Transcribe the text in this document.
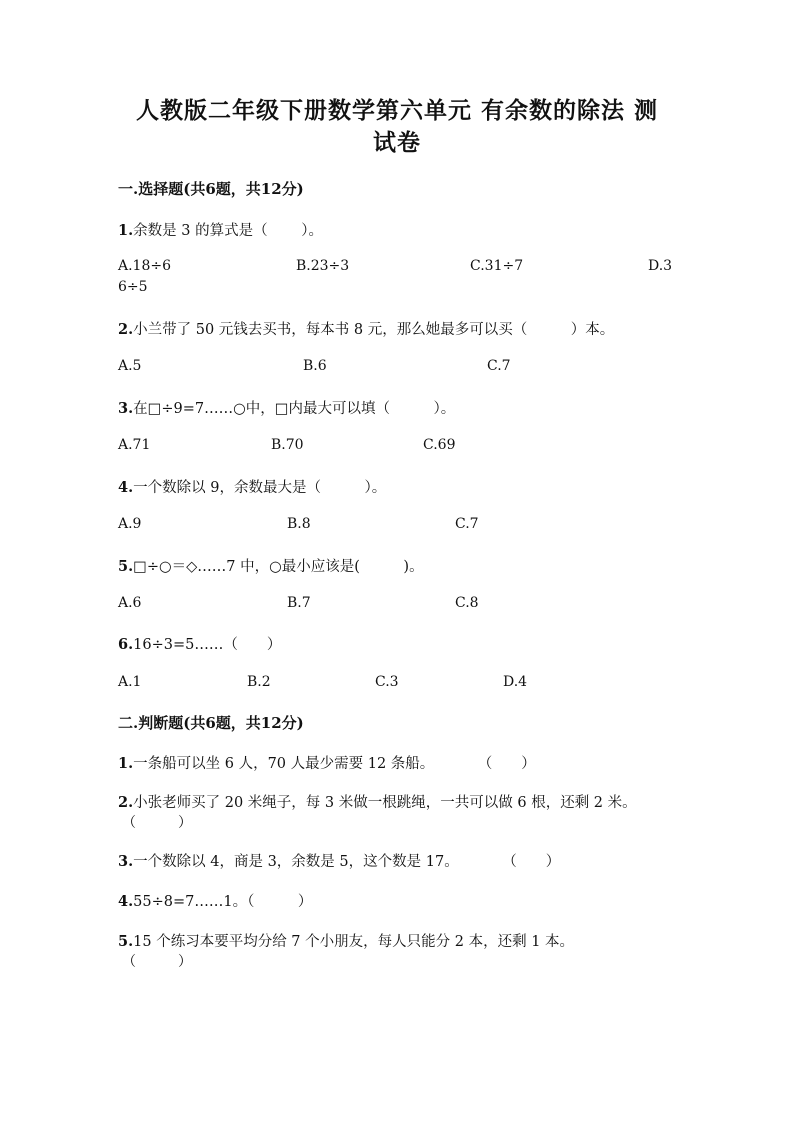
人教版二年级下册数学第六单元 有余数的除法 测
试卷
一.选择题(共6题，共12分)
1.余数是 3 的算式是（　　 ）。
A.18÷6	B.23÷3	C.31÷7	D.3
6÷5
2.小兰带了 50 元钱去买书，每本书 8 元，那么她最多可以买（　　　）本。
A.5	B.6	C.7
3.在□÷9=7……○中，□内最大可以填（　　　）。
A.71	B.70	C.69
4.一个数除以 9，余数最大是（　　　）。
A.9	B.8	C.7
5.□÷○＝◇……7 中，○最小应该是(　　　)。
A.6	B.7	C.8
6.16÷3=5……（　　）
A.1	B.2	C.3	D.4
二.判断题(共6题，共12分)
1.一条船可以坐 6 人，70 人最少需要 12 条船。　　　　（　　）
2.小张老师买了 20 米绳子，每 3 米做一根跳绳，一共可以做 6 根，还剩 2 米。
（　　　）
3.一个数除以 4，商是 3，余数是 5，这个数是 17。　　　　（　　）
4.55÷8=7……1。（　　　）
5.15 个练习本要平均分给 7 个小朋友，每人只能分 2 本，还剩 1 本。
（　　　）
